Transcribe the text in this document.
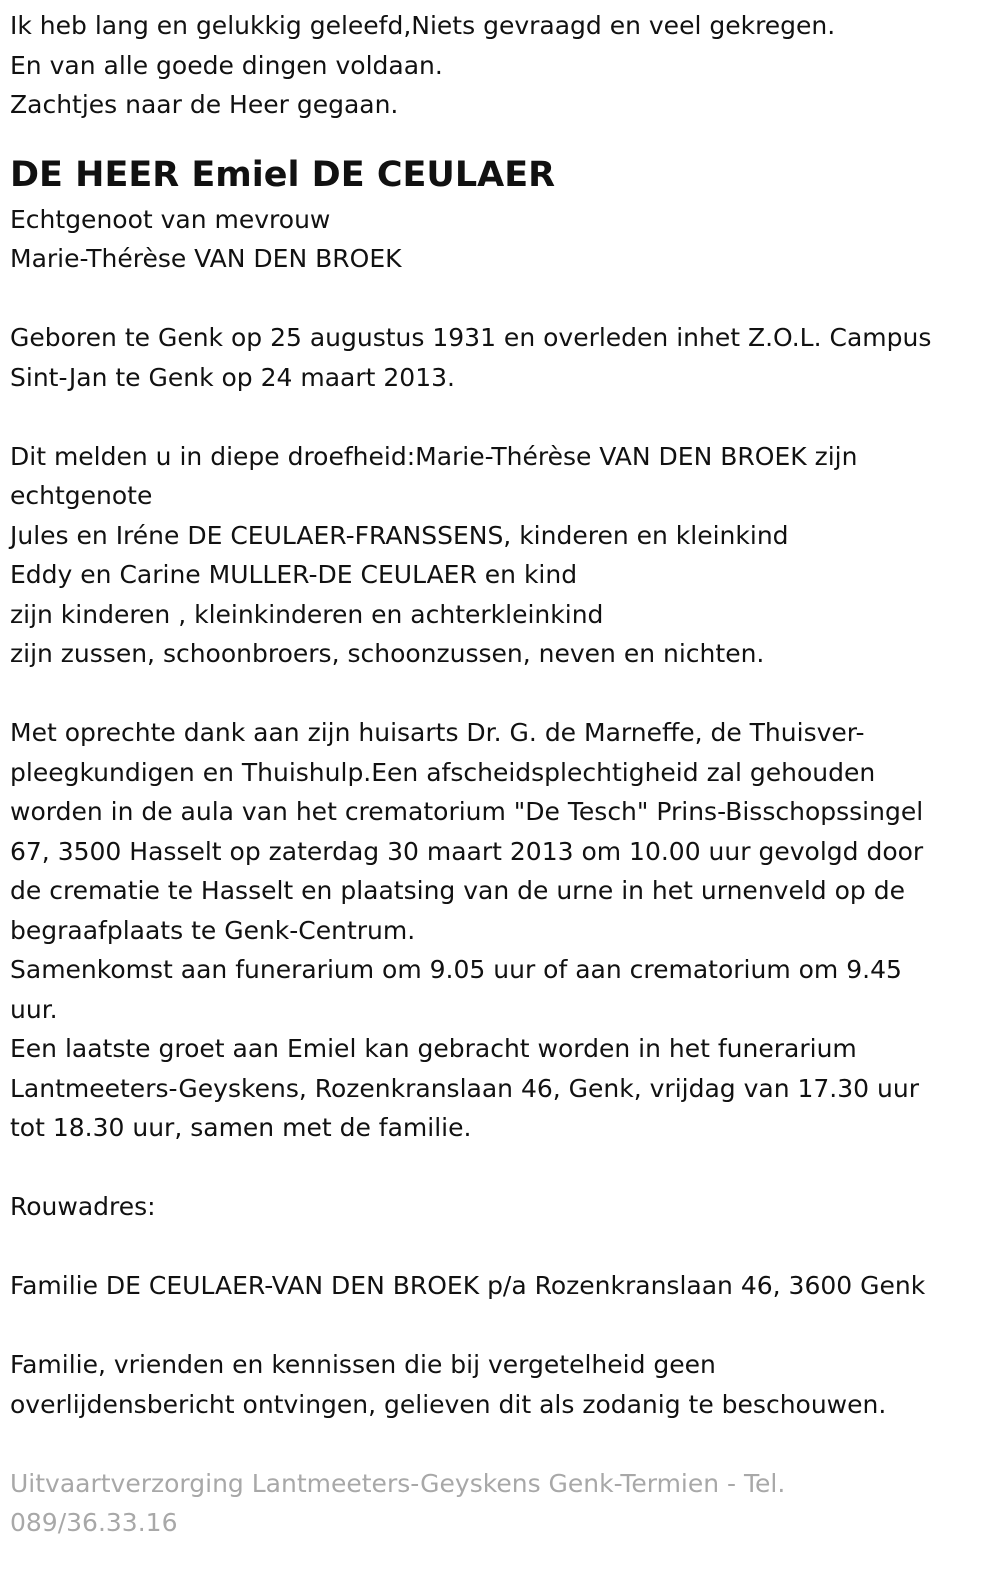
Ik heb lang en gelukkig geleefd,Niets gevraagd en veel gekregen.

En van alle goede dingen voldaan.

Zachtjes naar de Heer gegaan.

DE HEER Emiel DE CEULAER

Echtgenoot van mevrouw

Marie-Thérèse VAN DEN BROEK

Geboren te Genk op 25 augustus 1931 en overleden inhet Z.O.L. Campus

Sint-Jan te Genk op 24 maart 2013.

Dit melden u in diepe droefheid:Marie-Thérèse VAN DEN BROEK zijn

echtgenote

Jules en Iréne DE CEULAER-FRANSSENS, kinderen en kleinkind

Eddy en Carine MULLER-DE CEULAER en kind

zijn kinderen , kleinkinderen en achterkleinkind

zijn zussen, schoonbroers, schoonzussen, neven en nichten.

Met oprechte dank aan zijn huisarts Dr. G. de Marneffe, de Thuisver-

pleegkundigen en Thuishulp.Een afscheidsplechtigheid zal gehouden

worden in de aula van het crematorium "De Tesch" Prins-Bisschopssingel

67, 3500 Hasselt op zaterdag 30 maart 2013 om 10.00 uur gevolgd door

de crematie te Hasselt en plaatsing van de urne in het urnenveld op de

begraafplaats te Genk-Centrum.

Samenkomst aan funerarium om 9.05 uur of aan crematorium om 9.45

uur.

Een laatste groet aan Emiel kan gebracht worden in het funerarium

Lantmeeters-Geyskens, Rozenkranslaan 46, Genk, vrijdag van 17.30 uur

tot 18.30 uur, samen met de familie.

Rouwadres:

Familie DE CEULAER-VAN DEN BROEK p/a Rozenkranslaan 46, 3600 Genk

Familie, vrienden en kennissen die bij vergetelheid geen

overlijdensbericht ontvingen, gelieven dit als zodanig te beschouwen.

Uitvaartverzorging Lantmeeters-Geyskens Genk-Termien - Tel.

089/36.33.16
